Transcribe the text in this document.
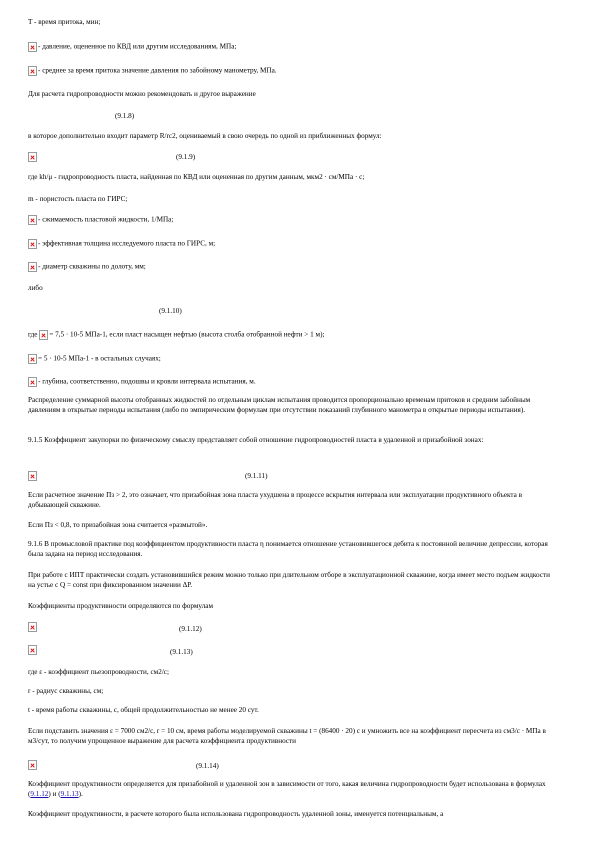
T - время притока, мин;
- давление, оцененное по КВД или другим исследованиям, МПа;
- среднее за время притока значение давления по забойному манометру, МПа.
Для расчета гидропроводности можно рекомендовать и другое выражение
(9.1.8)
в которое дополнительно входит параметр R/rc2, оцениваемый в свою очередь по одной из приближенных формул:
(9.1.9)
где kh/μ - гидропроводность пласта, найденная по КВД или оцененная по другим данным, мкм2 · см/МПа · с;
m - пористость пласта по ГИРС;
- сжимаемость пластовой жидкости, 1/МПа;
- эффективная толщина исследуемого пласта по ГИРС, м;
- диаметр скважины по долоту, мм;
либо
(9.1.10)
где = 7,5 · 10-5 МПа-1, если пласт насыщен нефтью (высота столба отобранной нефти > 1 м);
= 5 · 10-5 МПа-1 - в остальных случаях;
- глубина, соответственно, подошвы и кровли интервала испытания, м.
Распределение суммарной высоты отобранных жидкостей по отдельным циклам испытания проводится пропорционально временам притоков и средним забойным давлениям в открытые периоды испытания (либо по эмпирическим формулам при отсутствии показаний глубинного манометра в открытые периоды испытания).
9.1.5 Коэффициент закупорки по физическому смыслу представляет собой отношение гидропроводностей пласта в удаленной и призабойной зонах:
(9.1.11)
Если расчетное значение Пз > 2, это означает, что призабойная зона пласта ухудшена в процессе вскрытия интервала или эксплуатации продуктивного объекта в добывающей скважине.
Если Пз < 0,8, то призабойная зона считается «размытой».
9.1.6 В промысловой практике под коэффициентом продуктивности пласта η понимается отношение установившегося дебита к постоянной величине депрессии, которая была задана на период исследования.
При работе с ИПТ практически создать установившийся режим можно только при длительном отборе в эксплуатационной скважине, когда имеет место подъем жидкости на устье с Q = const при фиксированном значении ΔР.
Коэффициенты продуктивности определяются по формулам
(9.1.12)
(9.1.13)
где ε - коэффициент пьезопроводности, см2/с;
r - радиус скважины, см;
t - время работы скважины, с, общей продолжительностью не менее 20 сут.
Если подставить значения ε = 7000 см2/с, r = 10 см, время работы моделируемой скважины t = (86400 · 20) с и умножить все на коэффициент пересчета из см3/с · МПа в м3/сут, то получим упрощенное выражение для расчета коэффициента продуктивности
(9.1.14)
Коэффициент продуктивности определяется для призабойной и удаленной зон в зависимости от того, какая величина гидропроводности будет использована в формулах (9.1.12) и (9.1.13).
Коэффициент продуктивности, в расчете которого была использована гидропроводность удаленной зоны, именуется потенциальным, а
